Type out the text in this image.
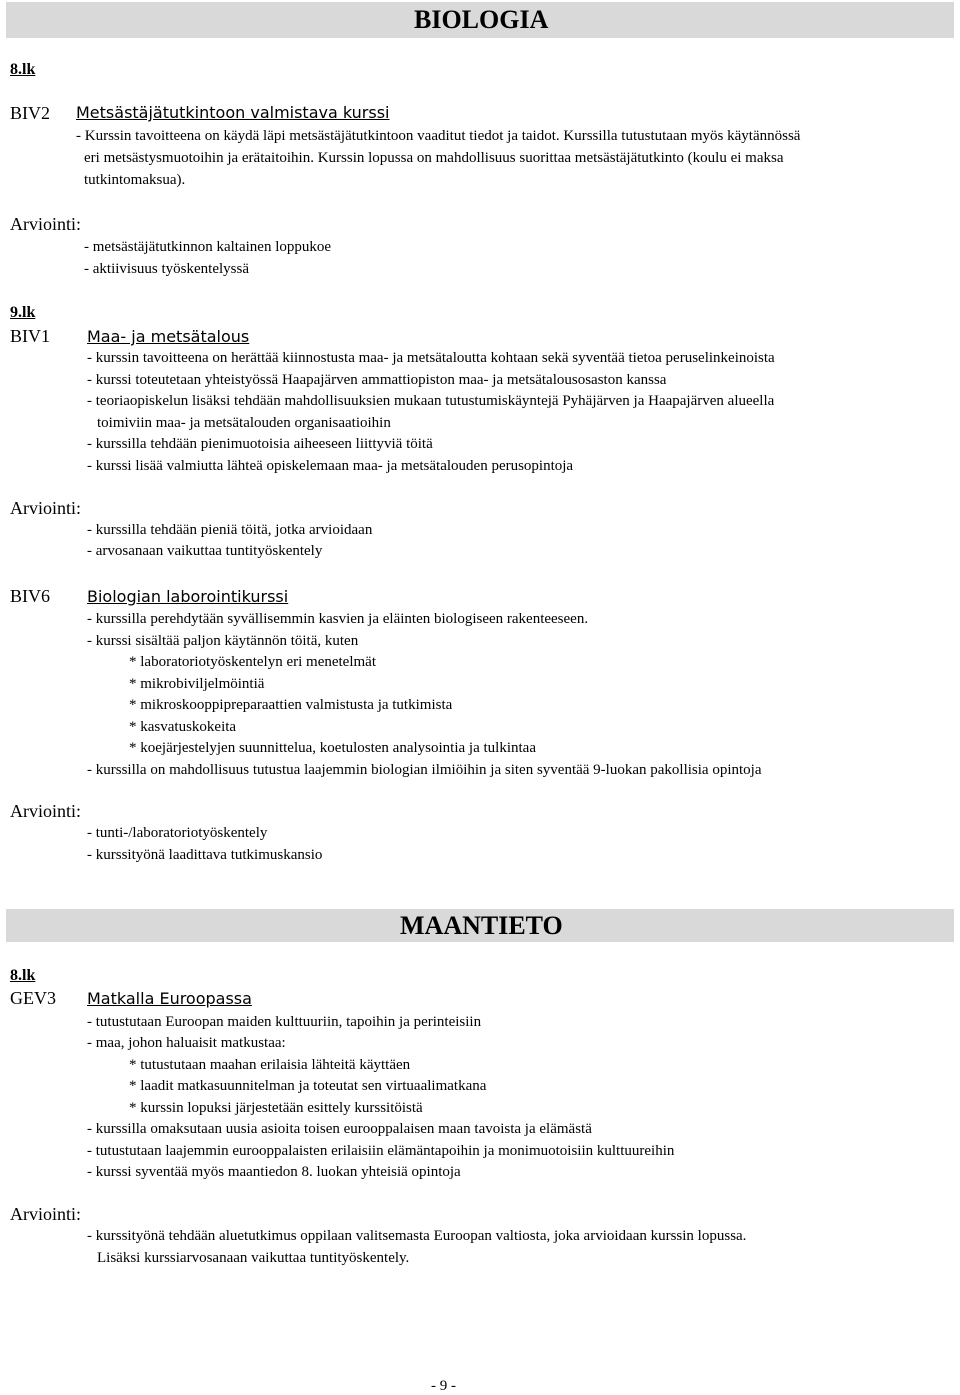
BIOLOGIA
8.lk
BIV2 Metsästäjätutkintoon valmistava kurssi
- Kurssin tavoitteena on käydä läpi metsästäjätutkintoon vaaditut tiedot ja taidot. Kurssilla tutustutaan myös käytännössä
eri metsästysmuotoihin ja erätaitoihin. Kurssin lopussa on mahdollisuus suorittaa metsästäjätutkinto (koulu ei maksa
tutkintomaksua).
Arviointi:
- metsästäjätutkinnon kaltainen loppukoe
- aktiivisuus työskentelyssä
9.lk
BIV1 Maa- ja metsätalous
- kurssin tavoitteena on herättää kiinnostusta maa- ja metsätaloutta kohtaan sekä syventää tietoa peruselinkeinoista
- kurssi toteutetaan yhteistyössä Haapajärven ammattiopiston maa- ja metsätalousosaston kanssa
- teoriaopiskelun lisäksi tehdään mahdollisuuksien mukaan tutustumiskäyntejä Pyhäjärven ja Haapajärven alueella
toimiviin maa- ja metsätalouden organisaatioihin
- kurssilla tehdään pienimuotoisia aiheeseen liittyviä töitä
- kurssi lisää valmiutta lähteä opiskelemaan maa- ja metsätalouden perusopintoja
Arviointi:
- kurssilla tehdään pieniä töitä, jotka arvioidaan
- arvosanaan vaikuttaa tuntityöskentely
BIV6 Biologian laborointikurssi
- kurssilla perehdytään syvällisemmin kasvien ja eläinten biologiseen rakenteeseen.
- kurssi sisältää paljon käytännön töitä, kuten
* laboratoriotyöskentelyn eri menetelmät
* mikrobiviljelmöintiä
* mikroskooppipreparaattien valmistusta ja tutkimista
* kasvatuskokeita
* koejärjestelyjen suunnittelua, koetulosten analysointia ja tulkintaa
- kurssilla on mahdollisuus tutustua laajemmin biologian ilmiöihin ja siten syventää 9-luokan pakollisia opintoja
Arviointi:
- tunti-/laboratoriotyöskentely
- kurssityönä laadittava tutkimuskansio
MAANTIETO
8.lk
GEV3 Matkalla Euroopassa
- tutustutaan Euroopan maiden kulttuuriin, tapoihin ja perinteisiin
- maa, johon haluaisit matkustaa:
* tutustutaan maahan erilaisia lähteitä käyttäen
* laadit matkasuunnitelman ja toteutat sen virtuaalimatkana
* kurssin lopuksi järjestetään esittely kurssitöistä
- kurssilla omaksutaan uusia asioita toisen eurooppalaisen maan tavoista ja elämästä
- tutustutaan laajemmin eurooppalaisten erilaisiin elämäntapoihin ja monimuotoisiin kulttuureihin
- kurssi syventää myös maantiedon 8. luokan yhteisiä opintoja
Arviointi:
- kurssityönä tehdään aluetutkimus oppilaan valitsemasta Euroopan valtiosta, joka arvioidaan kurssin lopussa.
Lisäksi kurssiarvosanaan vaikuttaa tuntityöskentely.
- 9 -
